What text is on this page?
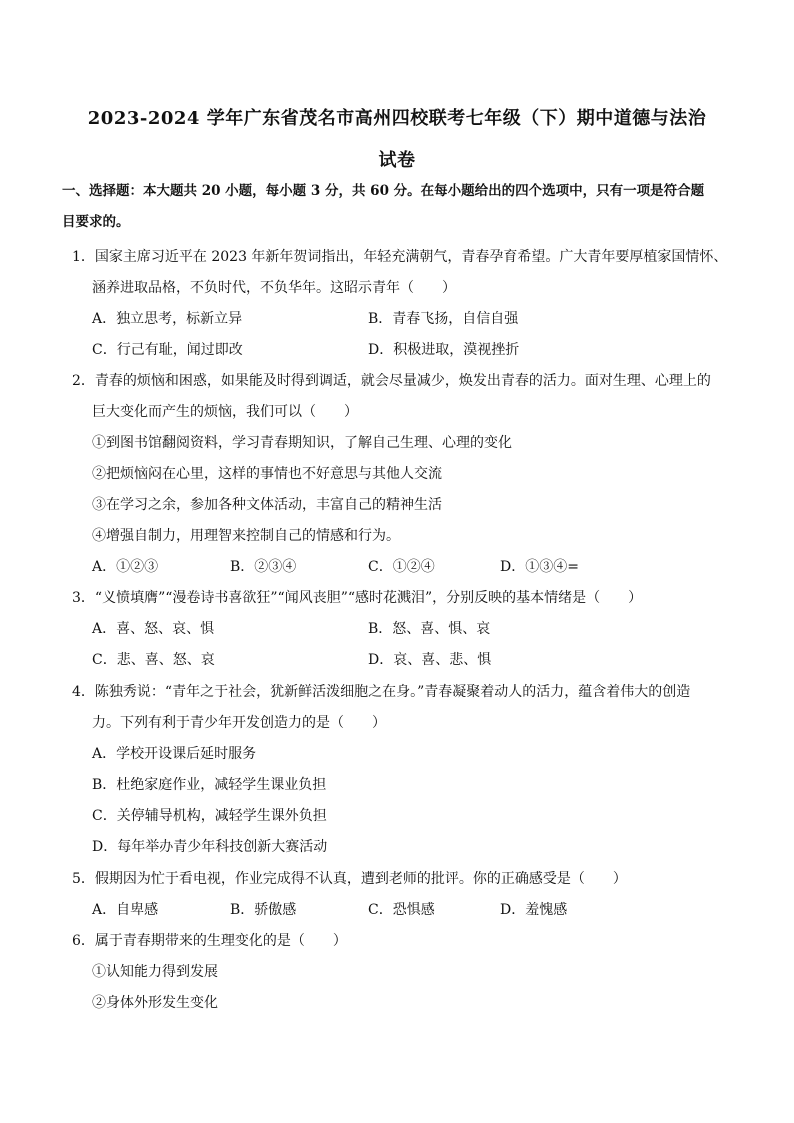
2023-2024 学年广东省茂名市高州四校联考七年级（下）期中道德与法治
试卷
一、选择题：本大题共 20 小题，每小题 3 分，共 60 分。在每小题给出的四个选项中，只有一项是符合题
目要求的。
1．国家主席习近平在 2023 年新年贺词指出，年轻充满朝气，青春孕育希望。广大青年要厚植家国情怀、
涵养进取品格，不负时代，不负华年。这昭示青年（　　）
A．独立思考，标新立异	B．青春飞扬，自信自强
C．行己有耻，闻过即改	D．积极进取，漠视挫折
2．青春的烦恼和困惑，如果能及时得到调适，就会尽量减少，焕发出青春的活力。面对生理、心理上的
巨大变化而产生的烦恼，我们可以（　　）
①到图书馆翻阅资料，学习青春期知识，了解自己生理、心理的变化
②把烦恼闷在心里，这样的事情也不好意思与其他人交流
③在学习之余，参加各种文体活动，丰富自己的精神生活
④增强自制力，用理智来控制自己的情感和行为。
A．①②③	B．②③④	C．①②④	D．①③④=
3．“义愤填膺”“漫卷诗书喜欲狂”“闻风丧胆”“感时花溅泪”，分别反映的基本情绪是（　　）
A．喜、怒、哀、惧	B．怒、喜、惧、哀
C．悲、喜、怒、哀	D．哀、喜、悲、惧
4．陈独秀说：“青年之于社会，犹新鲜活泼细胞之在身。”青春凝聚着动人的活力，蕴含着伟大的创造
力。下列有利于青少年开发创造力的是（　　）
A．学校开设课后延时服务
B．杜绝家庭作业，减轻学生课业负担
C．关停辅导机构，减轻学生课外负担
D．每年举办青少年科技创新大赛活动
5．假期因为忙于看电视，作业完成得不认真，遭到老师的批评。你的正确感受是（　　）
A．自卑感	B．骄傲感	C．恐惧感	D．羞愧感
6．属于青春期带来的生理变化的是（　　）
①认知能力得到发展
②身体外形发生变化
